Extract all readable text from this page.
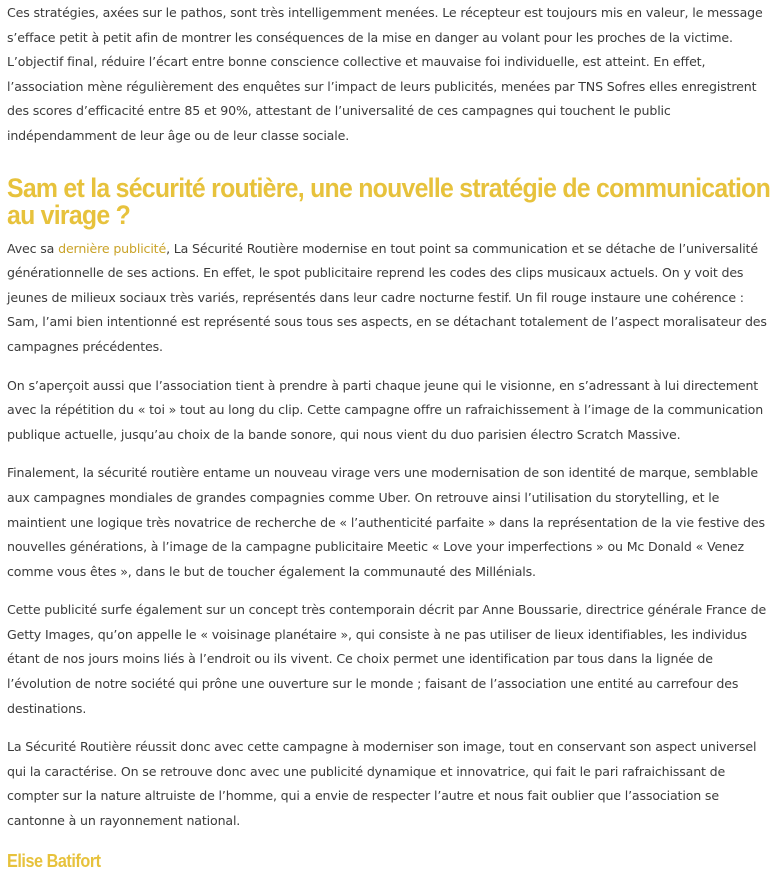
Ces stratégies, axées sur le pathos, sont très intelligemment menées. Le récepteur est toujours mis en valeur, le message s’efface petit à petit afin de montrer les conséquences de la mise en danger au volant pour les proches de la victime. L’objectif final, réduire l’écart entre bonne conscience collective et mauvaise foi individuelle, est atteint. En effet, l’association mène régulièrement des enquêtes sur l’impact de leurs publicités, menées par TNS Sofres elles enregistrent des scores d’efficacité entre 85 et 90%, attestant de l’universalité de ces campagnes qui touchent le public indépendamment de leur âge ou de leur classe sociale.

Sam et la sécurité routière, une nouvelle stratégie de communication
au virage ?

Avec sa dernière publicité, La Sécurité Routière modernise en tout point sa communication et se détache de l’universalité générationnelle de ses actions. En effet, le spot publicitaire reprend les codes des clips musicaux actuels. On y voit des jeunes de milieux sociaux très variés, représentés dans leur cadre nocturne festif. Un fil rouge instaure une cohérence : Sam, l’ami bien intentionné est représenté sous tous ses aspects, en se détachant totalement de l’aspect moralisateur des campagnes précédentes.

On s’aperçoit aussi que l’association tient à prendre à parti chaque jeune qui le visionne, en s’adressant à lui directement avec la répétition du « toi » tout au long du clip. Cette campagne offre un rafraichissement à l’image de la communication publique actuelle, jusqu’au choix de la bande sonore, qui nous vient du duo parisien électro Scratch Massive.

Finalement, la sécurité routière entame un nouveau virage vers une modernisation de son identité de marque, semblable aux campagnes mondiales de grandes compagnies comme Uber. On retrouve ainsi l’utilisation du storytelling, et le maintient une logique très novatrice de recherche de « l’authenticité parfaite » dans la représentation de la vie festive des nouvelles générations, à l’image de la campagne publicitaire Meetic « Love your imperfections » ou Mc Donald « Venez comme vous êtes », dans le but de toucher également la communauté des Millénials.

Cette publicité surfe également sur un concept très contemporain décrit par Anne Boussarie, directrice générale France de Getty Images, qu’on appelle le « voisinage planétaire », qui consiste à ne pas utiliser de lieux identifiables, les individus étant de nos jours moins liés à l’endroit ou ils vivent. Ce choix permet une identification par tous dans la lignée de l’évolution de notre société qui prône une ouverture sur le monde ; faisant de l’association une entité au carrefour des destinations.

La Sécurité Routière réussit donc avec cette campagne à moderniser son image, tout en conservant son aspect universel qui la caractérise. On se retrouve donc avec une publicité dynamique et innovatrice, qui fait le pari rafraichissant de compter sur la nature altruiste de l’homme, qui a envie de respecter l’autre et nous fait oublier que l’association se cantonne à un rayonnement national.

Elise Batifort
